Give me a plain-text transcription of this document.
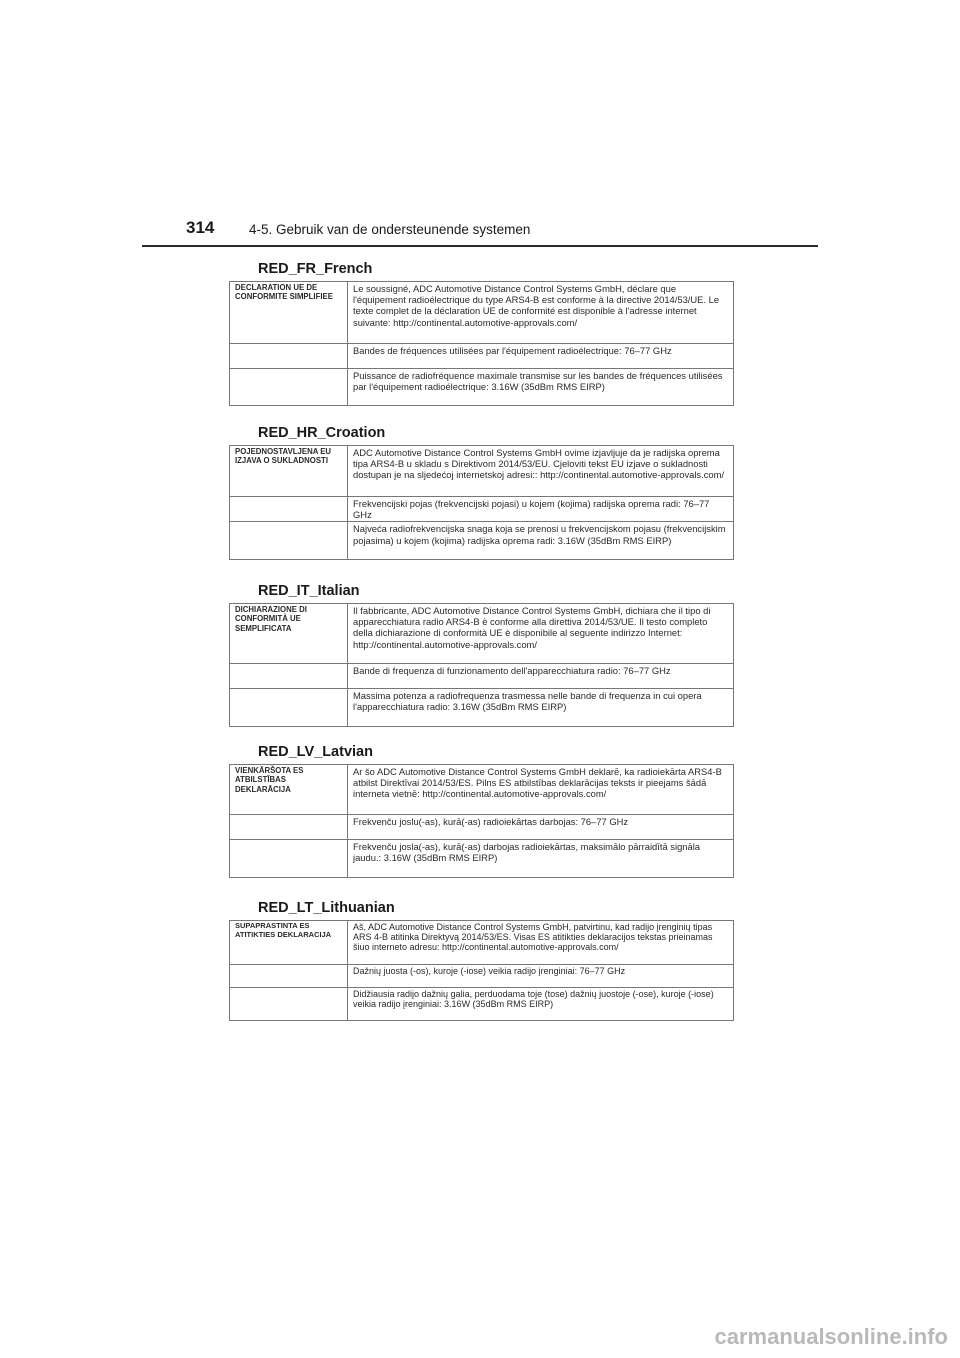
314	4-5. Gebruik van de ondersteunende systemen
RED_FR_French
DECLARATION UE DE CONFORMITE SIMPLIFIEE	Le soussigné, ADC Automotive Distance Control Systems GmbH, déclare que l'équipement radioélectrique du type ARS4-B est conforme à la directive 2014/53/UE. Le texte complet de la déclaration UE de conformité est disponible à l'adresse internet suivante: http://continental.automotive-approvals.com/
	Bandes de fréquences utilisées par l'équipement radioélectrique: 76–77 GHz
	Puissance de radiofréquence maximale transmise sur les bandes de fréquences utilisées par l'équipement radioélectrique: 3.16W (35dBm RMS EIRP)
RED_HR_Croation
POJEDNOSTAVLJENA EU IZJAVA O SUKLADNOSTI	ADC Automotive Distance Control Systems GmbH ovime izjavljuje da je radijska oprema tipa ARS4-B u skladu s Direktivom 2014/53/EU. Cjeloviti tekst EU izjave o sukladnosti dostupan je na sljedećoj internetskoj adresi:: http://continental.automotive-approvals.com/
	Frekvencijski pojas (frekvencijski pojasi) u kojem (kojima) radijska oprema radi: 76–77 GHz
	Najveća radiofrekvencijska snaga koja se prenosi u frekvencijskom pojasu (frekvencijskim pojasima) u kojem (kojima) radijska oprema radi: 3.16W (35dBm RMS EIRP)
RED_IT_Italian
DICHIARAZIONE DI CONFORMITÀ UE SEMPLIFICATA	Il fabbricante, ADC Automotive Distance Control Systems GmbH, dichiara che il tipo di apparecchiatura radio ARS4-B è conforme alla direttiva 2014/53/UE. Il testo completo della dichiarazione di conformità UE è disponibile al seguente indirizzo Internet: http://continental.automotive-approvals.com/
	Bande di frequenza di funzionamento dell'apparecchiatura radio: 76–77 GHz
	Massima potenza a radiofrequenza trasmessa nelle bande di frequenza in cui opera l'apparecchiatura radio: 3.16W (35dBm RMS EIRP)
RED_LV_Latvian
VIENKĀRŠOTA ES ATBILSTĪBAS DEKLARĀCIJA	Ar šo ADC Automotive Distance Control Systems GmbH deklarē, ka radioiekārta ARS4-B atbilst Direktīvai 2014/53/ES. Pilns ES atbilstības deklarācijas teksts ir pieejams šādā interneta vietnē: http://continental.automotive-approvals.com/
	Frekvenču joslu(-as), kurā(-as) radioiekārtas darbojas: 76–77 GHz
	Frekvenču josla(-as), kurā(-as) darbojas radioiekārtas, maksimālo pārraidītā signāla jaudu.: 3.16W (35dBm RMS EIRP)
RED_LT_Lithuanian
SUPAPRASTINTA ES ATITIKTIES DEKLARACIJA	Aš, ADC Automotive Distance Control Systems GmbH, patvirtinu, kad radijo įrenginių tipas ARS 4-B atitinka Direktyvą 2014/53/ES. Visas ES atitikties deklaracijos tekstas prieinamas šiuo interneto adresu: http://continental.automotive-approvals.com/
	Dažnių juosta (-os), kuroje (-iose) veikia radijo įrenginiai: 76–77 GHz
	Didžiausia radijo dažnių galia, perduodama toje (tose) dažnių juostoje (-ose), kuroje (-iose) veikia radijo įrenginiai: 3.16W (35dBm RMS EIRP)
carmanualsonline.info
